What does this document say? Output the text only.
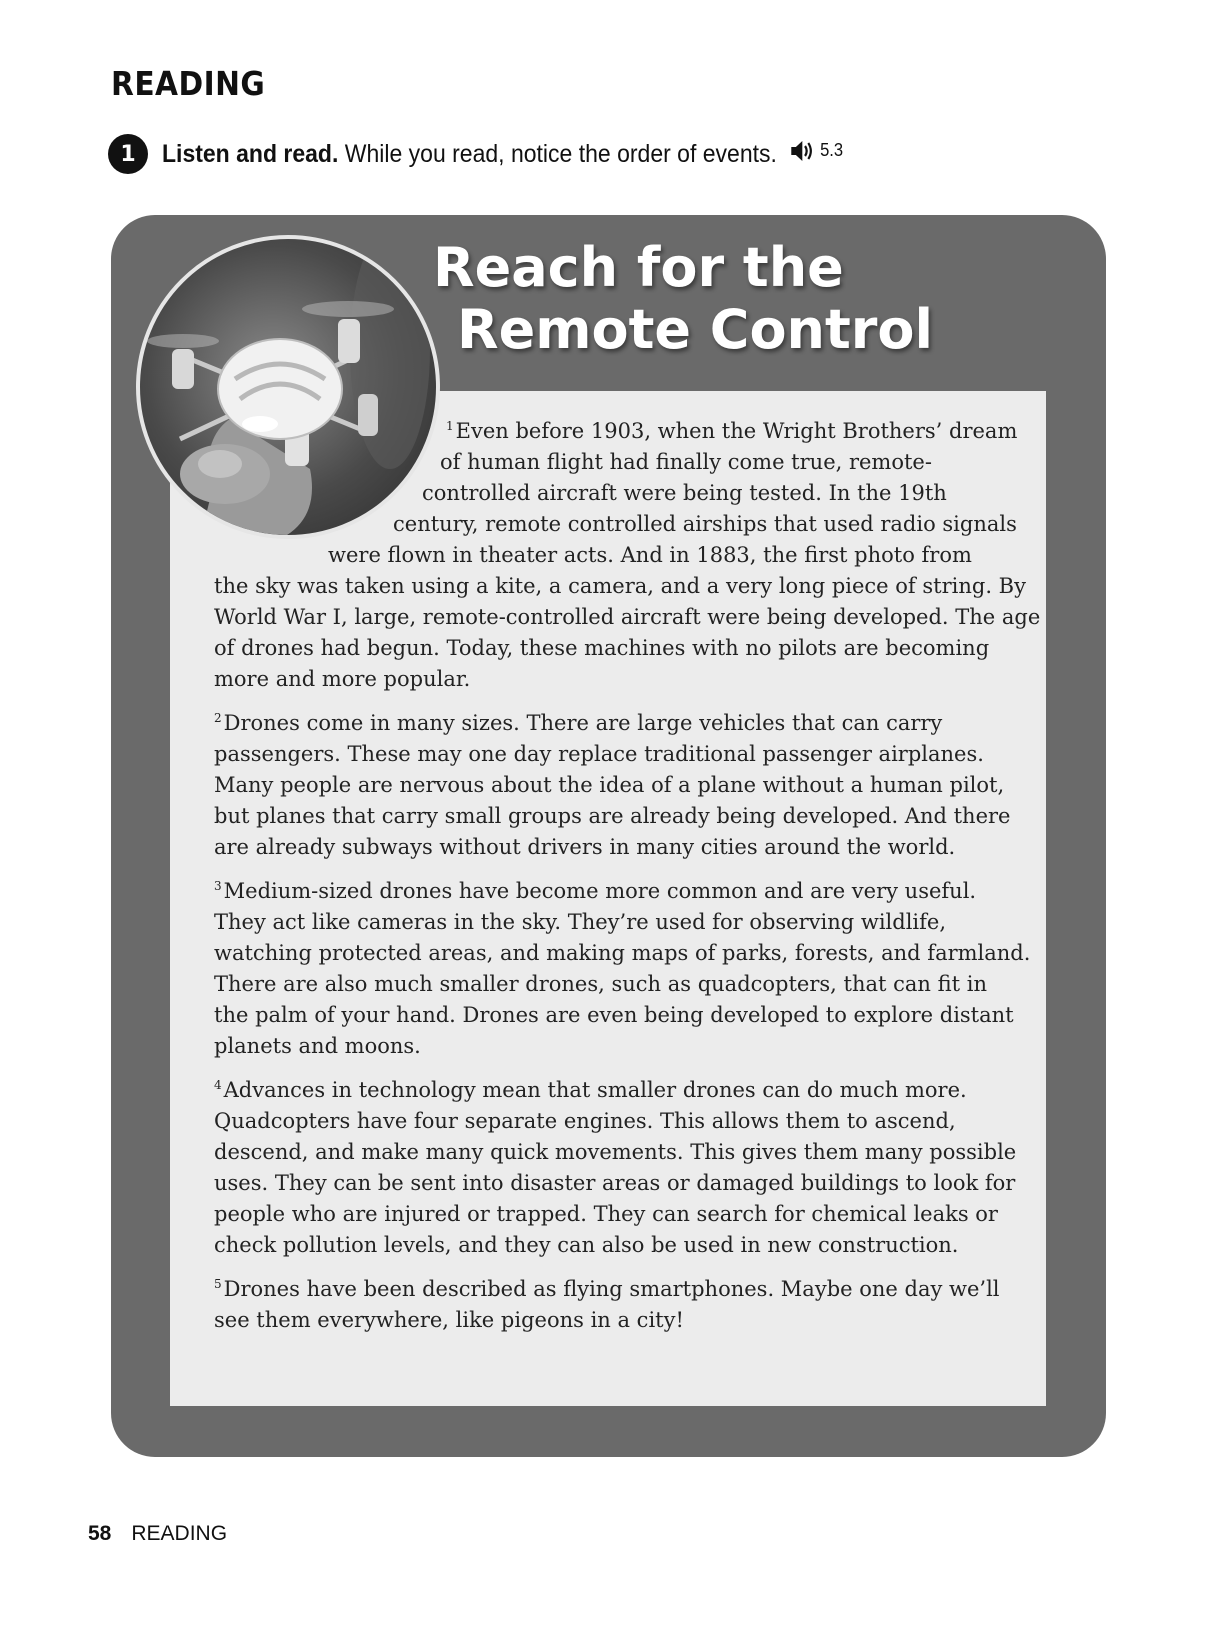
READING
1	Listen and read. While you read, notice the order of events. 5.3
Reach for the
Remote Control

$^1$Even before 1903, when the Wright Brothers’ dream
of human flight had finally come true, remote-
controlled aircraft were being tested. In the 19th
century, remote controlled airships that used radio signals
were flown in theater acts. And in 1883, the first photo from
the sky was taken using a kite, a camera, and a very long piece of string. By
World War I, large, remote-controlled aircraft were being developed. The age
of drones had begun. Today, these machines with no pilots are becoming
more and more popular.

$^2$Drones come in many sizes. There are large vehicles that can carry
passengers. These may one day replace traditional passenger airplanes.
Many people are nervous about the idea of a plane without a human pilot,
but planes that carry small groups are already being developed. And there
are already subways without drivers in many cities around the world.

$^3$Medium-sized drones have become more common and are very useful.
They act like cameras in the sky. They’re used for observing wildlife,
watching protected areas, and making maps of parks, forests, and farmland.
There are also much smaller drones, such as quadcopters, that can fit in
the palm of your hand. Drones are even being developed to explore distant
planets and moons.

$^4$Advances in technology mean that smaller drones can do much more.
Quadcopters have four separate engines. This allows them to ascend,
descend, and make many quick movements. This gives them many possible
uses. They can be sent into disaster areas or damaged buildings to look for
people who are injured or trapped. They can search for chemical leaks or
check pollution levels, and they can also be used in new construction.

$^5$Drones have been described as flying smartphones. Maybe one day we’ll
see them everywhere, like pigeons in a city!

58 READING
